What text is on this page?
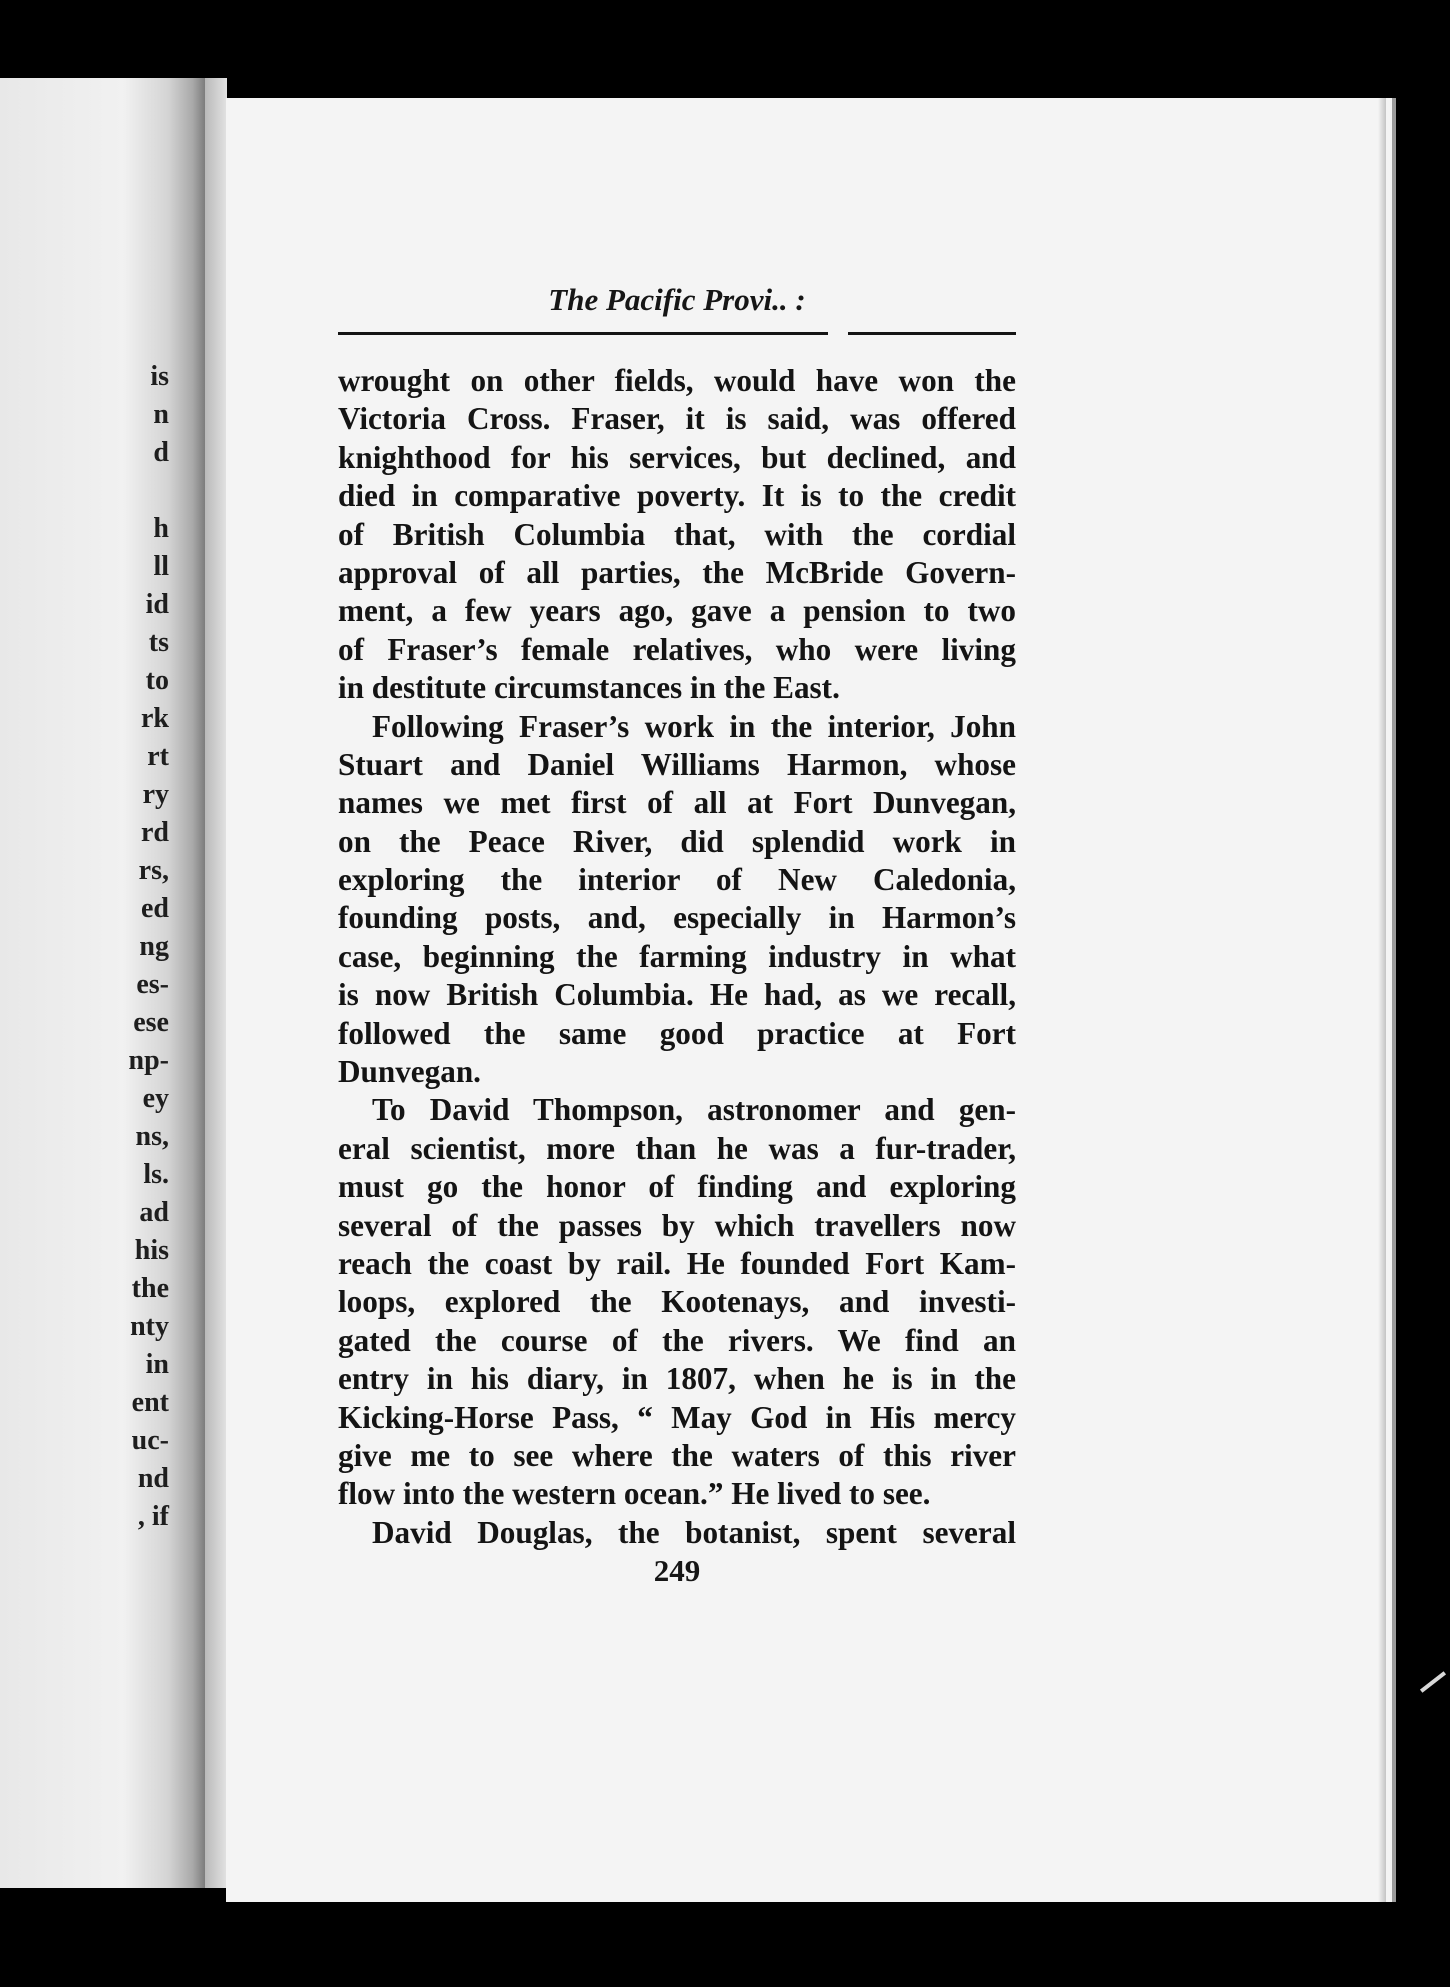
is
n
d
h
ll
id
ts
to
rk
rt
ry
rd
rs,
ed
ng
es-
ese
np-
ey
ns,
ls.
ad
his
the
nty
in
ent
uc-
nd
, if
The Pacific Provi.. :
wrought on other fields, would have won the
Victoria Cross. Fraser, it is said, was offered
knighthood for his services, but declined, and
died in comparative poverty. It is to the credit
of British Columbia that, with the cordial
approval of all parties, the McBride Govern-
ment, a few years ago, gave a pension to two
of Fraser’s female relatives, who were living
in destitute circumstances in the East.
Following Fraser’s work in the interior, John
Stuart and Daniel Williams Harmon, whose
names we met first of all at Fort Dunvegan,
on the Peace River, did splendid work in
exploring the interior of New Caledonia,
founding posts, and, especially in Harmon’s
case, beginning the farming industry in what
is now British Columbia. He had, as we recall,
followed the same good practice at Fort
Dunvegan.
To David Thompson, astronomer and gen-
eral scientist, more than he was a fur-trader,
must go the honor of finding and exploring
several of the passes by which travellers now
reach the coast by rail. He founded Fort Kam-
loops, explored the Kootenays, and investi-
gated the course of the rivers. We find an
entry in his diary, in 1807, when he is in the
Kicking-Horse Pass, “ May God in His mercy
give me to see where the waters of this river
flow into the western ocean.” He lived to see.
David Douglas, the botanist, spent several
249
